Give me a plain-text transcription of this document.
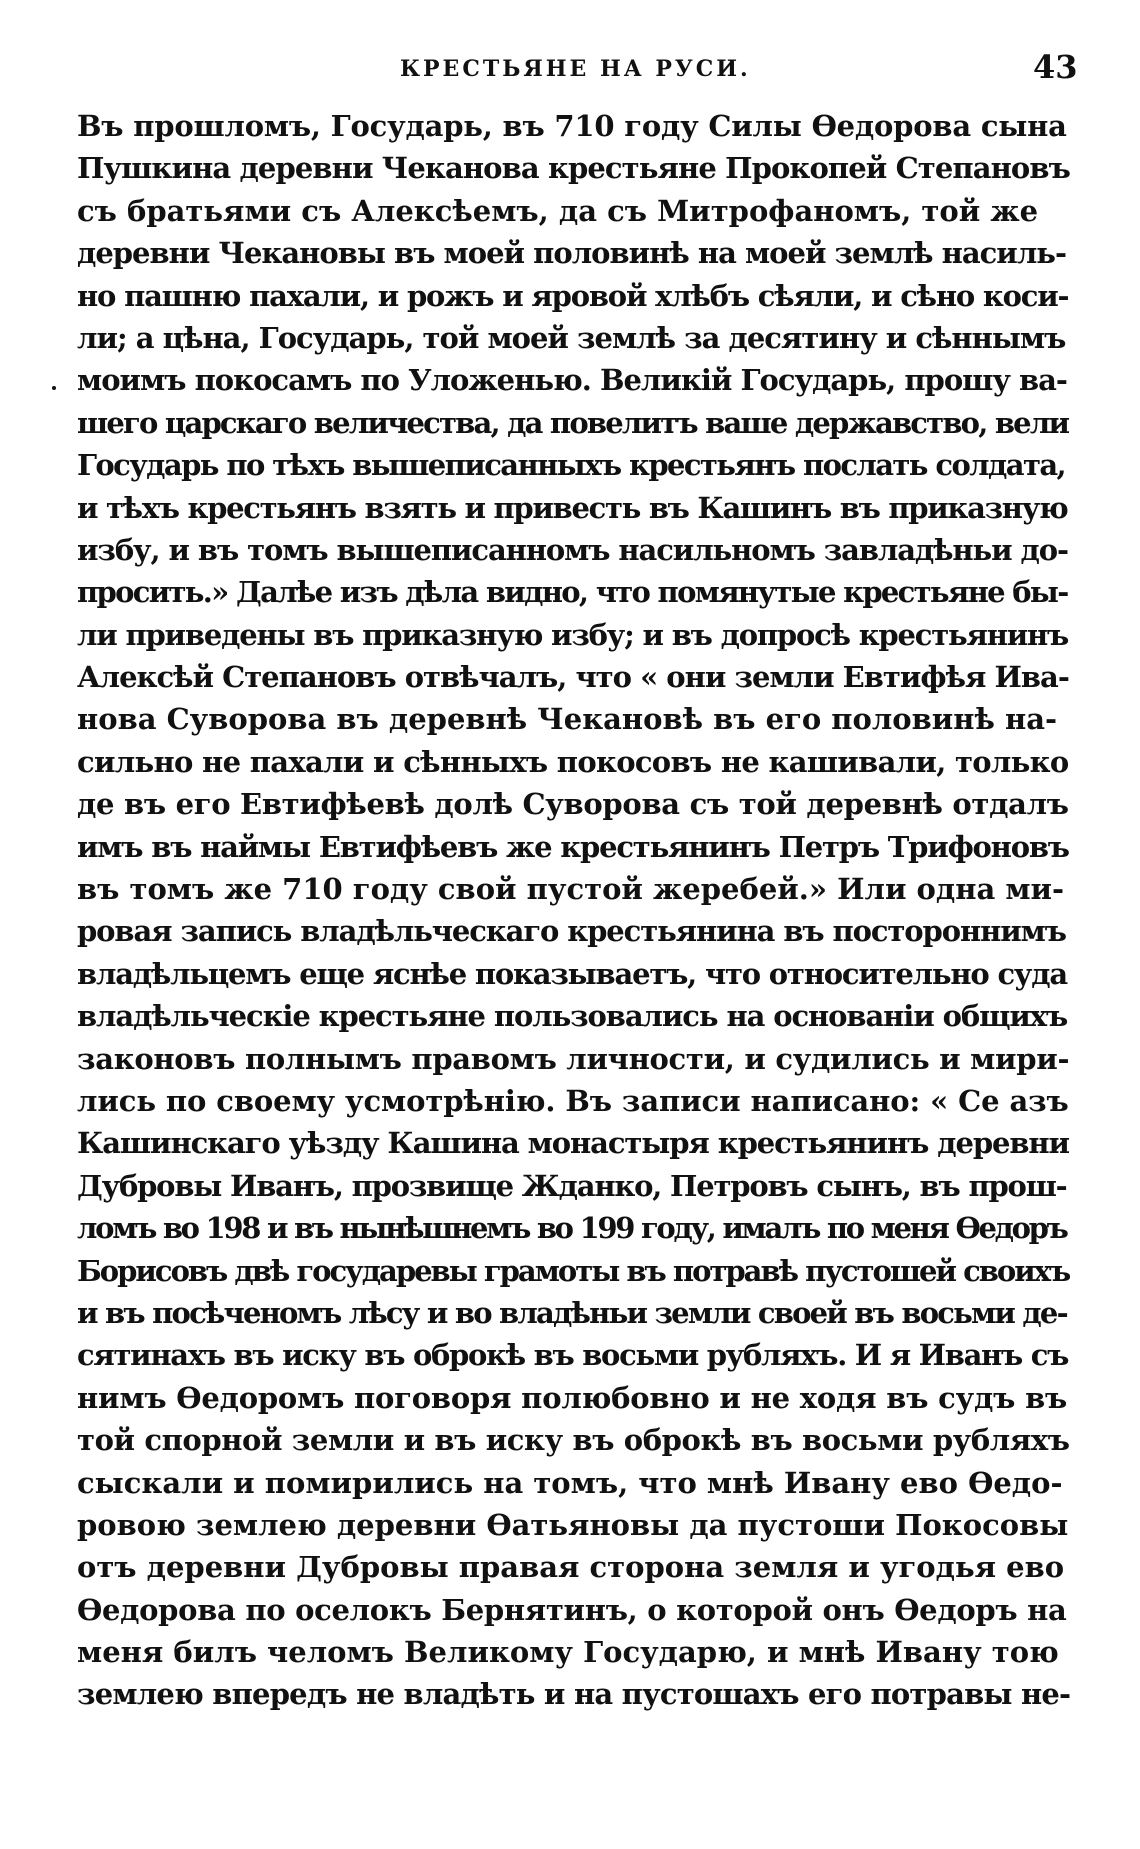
КРЕСТЬЯНЕ НА РУСИ.	43
Въ прошломъ, Государь, въ 710 году Силы Өедорова сына
Пушкина деревни Чеканова крестьяне Прокопей Степановъ
съ братьями съ Алексѣемъ, да съ Митрофаномъ, той же
деревни Чекановы въ моей половинѣ на моей землѣ насиль-
но пашню пахали, и рожъ и яровой хлѣбъ сѣяли, и сѣно коси-
ли; а цѣна, Государь, той моей землѣ за десятину и сѣннымъ
моимъ покосамъ по Уложенью. Великій Государь, прошу ва-
шего царскаго величества, да повелитъ ваше державство, вели
Государь по тѣхъ вышеписанныхъ крестьянъ послать солдата,
и тѣхъ крестьянъ взять и привесть въ Кашинъ въ приказную
избу, и въ томъ вышеписанномъ насильномъ завладѣньи до-
просить.» Далѣе изъ дѣла видно, что помянутые крестьяне бы-
ли приведены въ приказную избу; и въ допросѣ крестьянинъ
Алексѣй Степановъ отвѣчалъ, что « они земли Евтифѣя Ива-
нова Суворова въ деревнѣ Чекановѣ въ его половинѣ на-
сильно не пахали и сѣнныхъ покосовъ не кашивали, только
де въ его Евтифѣевѣ долѣ Суворова съ той деревнѣ отдалъ
имъ въ наймы Евтифѣевъ же крестьянинъ Петръ Трифоновъ
въ томъ же 710 году свой пустой жеребей.» Или одна ми-
ровая запись владѣльческаго крестьянина въ постороннимъ
владѣльцемъ еще яснѣе показываетъ, что относительно суда
владѣльческіе крестьяне пользовались на основаніи общихъ
законовъ полнымъ правомъ личности, и судились и мири-
лись по своему усмотрѣнію. Въ записи написано: « Се азъ
Кашинскаго уѣзду Кашина монастыря крестьянинъ деревни
Дубровы Иванъ, прозвище Жданко, Петровъ сынъ, въ прош-
ломъ во 198 и въ нынѣшнемъ во 199 году, ималъ по меня Өедоръ
Борисовъ двѣ государевы грамоты въ потравѣ пустошей своихъ
и въ посѣченомъ лѣсу и во владѣньи земли своей въ восьми де-
сятинахъ въ иску въ оброкѣ въ восьми рубляхъ. И я Иванъ съ
нимъ Өедоромъ поговоря полюбовно и не ходя въ судъ въ
той спорной земли и въ иску въ оброкѣ въ восьми рубляхъ
сыскали и помирились на томъ, что мнѣ Ивану ево Өедо-
ровою землею деревни Өатьяновы да пустоши Покосовы
отъ деревни Дубровы правая сторона земля и угодья ево
Өедорова по оселокъ Бернятинъ, о которой онъ Өедоръ на
меня билъ челомъ Великому Государю, и мнѣ Ивану тою
землею впередъ не владѣть и на пустошахъ его потравы не-
